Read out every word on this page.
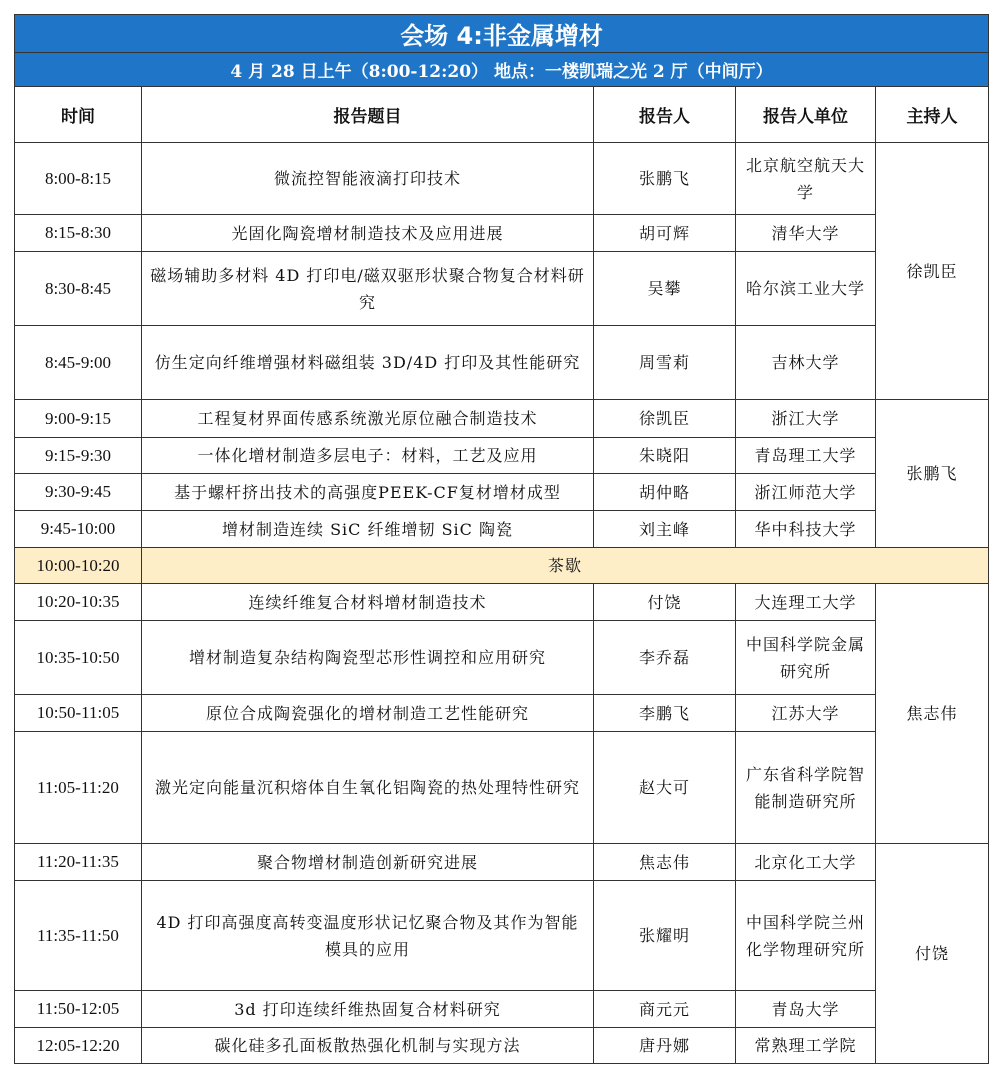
会场 4:非金属增材				
4 月 28 日上午（8:00-12:20） 地点：一楼凯瑞之光 2 厅（中间厅）				
时间	报告题目	报告人	报告人单位	主持人
8:00-8:15	微流控智能液滴打印技术	张鹏飞	北京航空航天大学	徐凯臣
8:15-8:30	光固化陶瓷增材制造技术及应用进展	胡可辉	清华大学	
8:30-8:45	磁场辅助多材料 4D 打印电/磁双驱形状聚合物复合材料研究	吴攀	哈尔滨工业大学	
8:45-9:00	仿生定向纤维增强材料磁组装 3D/4D 打印及其性能研究	周雪莉	吉林大学	
9:00-9:15	工程复材界面传感系统激光原位融合制造技术	徐凯臣	浙江大学	张鹏飞
9:15-9:30	一体化增材制造多层电子：材料，工艺及应用	朱晓阳	青岛理工大学	
9:30-9:45	基于螺杆挤出技术的高强度PEEK-CF复材增材成型	胡仲略	浙江师范大学	
9:45-10:00	增材制造连续 SiC 纤维增韧 SiC 陶瓷	刘主峰	华中科技大学	
10:00-10:20	茶歇			
10:20-10:35	连续纤维复合材料增材制造技术	付饶	大连理工大学	焦志伟
10:35-10:50	增材制造复杂结构陶瓷型芯形性调控和应用研究	李乔磊	中国科学院金属研究所	
10:50-11:05	原位合成陶瓷强化的增材制造工艺性能研究	李鹏飞	江苏大学	
11:05-11:20	激光定向能量沉积熔体自生氧化铝陶瓷的热处理特性研究	赵大可	广东省科学院智能制造研究所	
11:20-11:35	聚合物增材制造创新研究进展	焦志伟	北京化工大学	付饶
11:35-11:50	4D 打印高强度高转变温度形状记忆聚合物及其作为智能模具的应用	张耀明	中国科学院兰州化学物理研究所	
11:50-12:05	3d 打印连续纤维热固复合材料研究	商元元	青岛大学	
12:05-12:20	碳化硅多孔面板散热强化机制与实现方法	唐丹娜	常熟理工学院	
